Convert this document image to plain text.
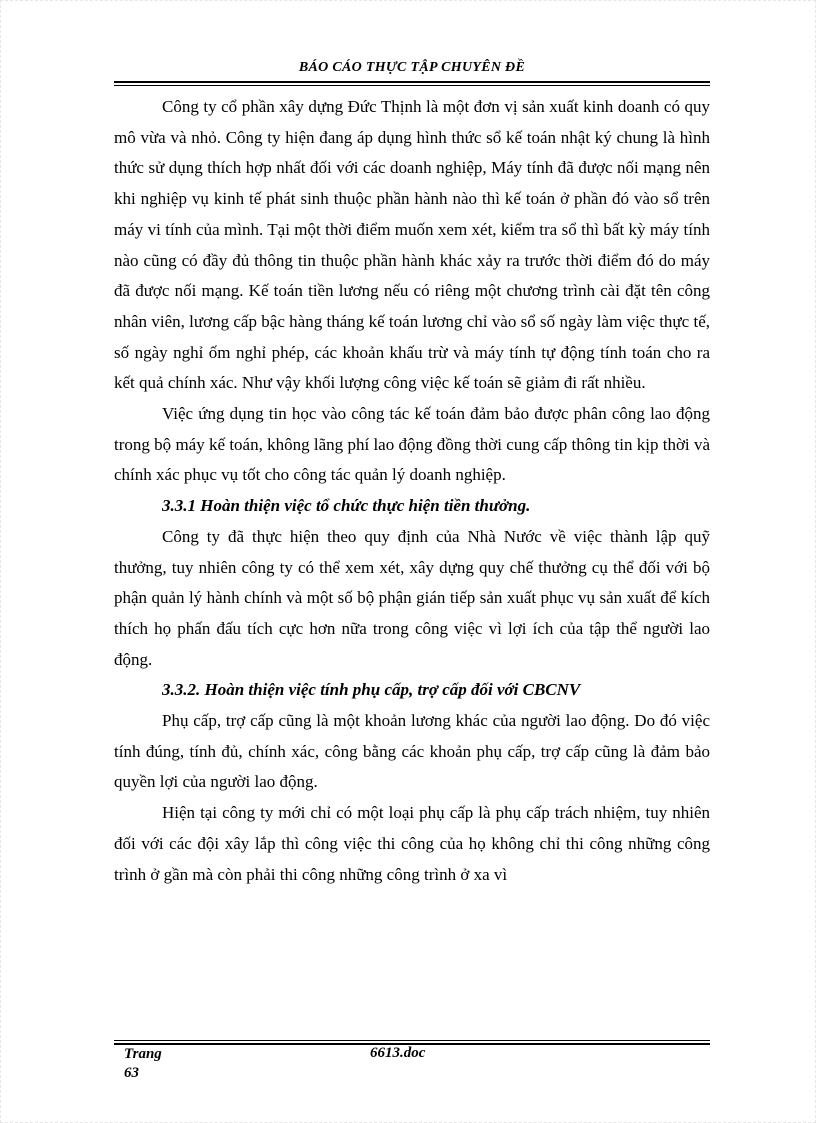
BÁO CÁO THỰC TẬP CHUYÊN ĐỀ

Công ty cổ phần xây dựng Đức Thịnh là một đơn vị sản xuất kinh doanh có quy mô vừa và nhỏ. Công ty hiện đang áp dụng hình thức sổ kế toán nhật ký chung là hình thức sử dụng thích hợp nhất đối với các doanh nghiệp, Máy tính đã được nối mạng nên khi nghiệp vụ kinh tế phát sinh thuộc phần hành nào thì kế toán ở phần đó vào sổ trên máy vi tính của mình. Tại một thời điểm muốn xem xét, kiểm tra sổ thì bất kỳ máy tính nào cũng có đầy đủ thông tin thuộc phần hành khác xảy ra trước thời điểm đó do máy đã được nối mạng. Kế toán tiền lương nếu có riêng một chương trình cài đặt tên công nhân viên, lương cấp bậc hàng tháng kế toán lương chỉ vào sổ số ngày làm việc thực tế, số ngày nghỉ ốm nghỉ phép, các khoản khấu trừ và máy tính tự động tính toán cho ra kết quả chính xác. Như vậy khối lượng công việc kế toán sẽ giảm đi rất nhiều.

Việc ứng dụng tin học vào công tác kế toán đảm bảo được phân công lao động trong bộ máy kế toán, không lãng phí lao động đồng thời cung cấp thông tin kịp thời và chính xác phục vụ tốt cho công tác quản lý doanh nghiệp.

3.3.1 Hoàn thiện việc tổ chức thực hiện tiền thưởng.

Công ty đã thực hiện theo quy định của Nhà Nước về việc thành lập quỹ thưởng, tuy nhiên công ty có thể xem xét, xây dựng quy chế thưởng cụ thể đối với bộ phận quản lý hành chính và một số bộ phận gián tiếp sản xuất phục vụ sản xuất để kích thích họ phấn đấu tích cực hơn nữa trong công việc vì lợi ích của tập thể người lao động.

3.3.2. Hoàn thiện việc tính phụ cấp, trợ cấp đối với CBCNV

Phụ cấp, trợ cấp cũng là một khoản lương khác của người lao động. Do đó việc tính đúng, tính đủ, chính xác, công bằng các khoản phụ cấp, trợ cấp cũng là đảm bảo quyền lợi của người lao động.

Hiện tại công ty mới chỉ có một loại phụ cấp là phụ cấp trách nhiệm, tuy nhiên đối với các đội xây lắp thì công việc thi công của họ không chỉ thi công những công trình ở gần mà còn phải thi công những công trình ở xa vì

Trang
63
6613.doc
